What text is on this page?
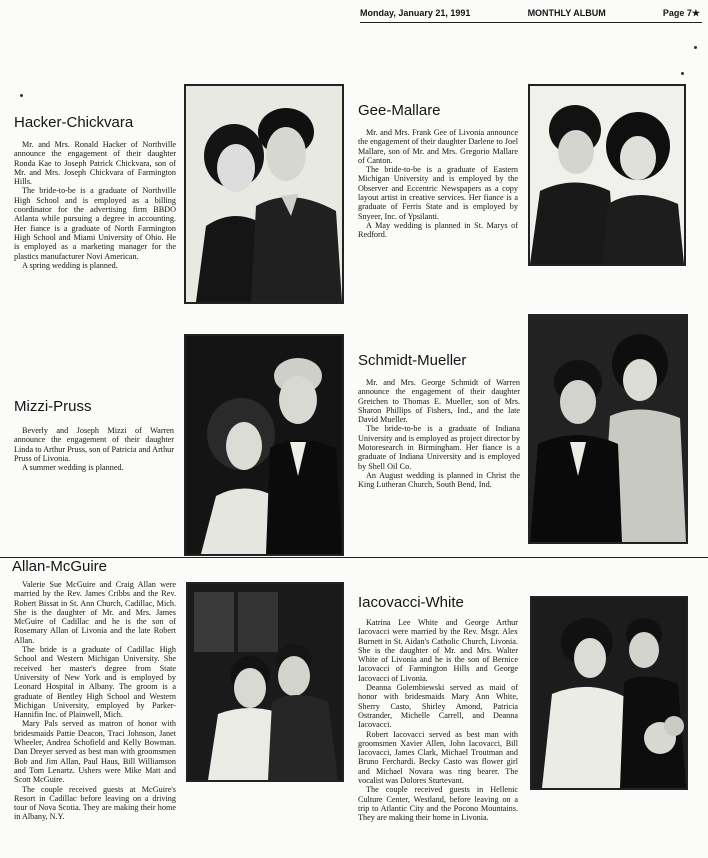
Monday, January 21, 1991	MONTHLY ALBUM	Page 7★
Hacker-Chickvara

Mr. and Mrs. Ronald Hacker of Northville announce the engagement of their daughter Ronda Kae to Joseph Patrick Chickvara, son of Mr. and Mrs. Joseph Chickvara of Farmington Hills.

The bride-to-be is a graduate of Northville High School and is employed as a billing coordinator for the advertising firm BBDO Atlanta while pursuing a degree in accounting. Her fiance is a graduate of North Farmington High School and Miami University of Ohio. He is employed as a marketing manager for the plastics manufacturer Novi American.

A spring wedding is planned.

Gee-Mallare

Mr. and Mrs. Frank Gee of Livonia announce the engagement of their daughter Darlene to Joel Mallare, son of Mr. and Mrs. Gregorio Mallare of Canton.

The bride-to-be is a graduate of Eastern Michigan University and is employed by the Observer and Eccentric Newspapers as a copy layout artist in creative services. Her fiance is a graduate of Ferris State and is employed by Snyeer, Inc. of Ypsilanti.

A May wedding is planned in St. Marys of Redford.

Mizzi-Pruss

Beverly and Joseph Mizzi of Warren announce the engagement of their daughter Linda to Arthur Pruss, son of Patricia and Arthur Pruss of Livonia.

A summer wedding is planned.

Schmidt-Mueller

Mr. and Mrs. George Schmidt of Warren announce the engagement of their daughter Gretchen to Thomas E. Mueller, son of Mrs. Sharon Phillips of Fishers, Ind., and the late David Mueller.

The bride-to-be is a graduate of Indiana University and is employed as project director by Motoresearch in Birmingham. Her fiance is a graduate of Indiana University and is employed by Shell Oil Co.

An August wedding is planned in Christ the King Lutheran Church, South Bend, Ind.

Allan-McGuire

Valerie Sue McGuire and Craig Allan were married by the Rev. James Cribbs and the Rev. Robert Bissat in St. Ann Church, Cadillac, Mich. She is the daughter of Mr. and Mrs. James McGuire of Cadillac and he is the son of Rosemary Allan of Livonia and the late Robert Allan.

The bride is a graduate of Cadillac High School and Western Michigan University. She received her master's degree from State University of New York and is employed by Leonard Hospital in Albany. The groom is a graduate of Bentley High School and Western Michigan University, employed by Parker-Hannifin Inc. of Plainwell, Mich.

Mary Pals served as matron of honor with bridesmaids Pattie Deacon, Traci Johnson, Janet Wheeler, Andrea Schofield and Kelly Bowman. Dan Dreyer served as best man with groomsmen Bob and Jim Allan, Paul Haus, Bill Williamson and Tom Lenartz. Ushers were Mike Matt and Scott McGuire.

The couple received guests at McGuire's Resort in Cadillac before leaving on a driving tour of Nova Scotia. They are making their home in Albany, N.Y.

Iacovacci-White

Katrina Lee White and George Arthur Iacovacci were married by the Rev. Msgr. Alex Burnett in St. Aidan's Catholic Church, Livonia. She is the daughter of Mr. and Mrs. Walter White of Livonia and he is the son of Bernice Iacovacci of Farmington Hills and George Iacovacci of Livonia.

Deanna Golembiewski served as maid of honor with bridesmaids Mary Ann White, Sherry Casto, Shirley Amond, Patricia Ostrander, Michelle Carrell, and Deanna Iacovacci.

Robert Iacovacci served as best man with groomsmen Xavier Allen, John Iacovacci, Bill Iacovacci, James Clark, Michael Troutman and Bruno Ferchardi. Becky Casto was flower girl and Michael Novara was ring bearer. The vocalist was Dolores Sturtevant.

The couple received guests in Hellenic Culture Center, Westland, before leaving on a trip to Atlantic City and the Pocono Mountains. They are making their home in Livonia.
